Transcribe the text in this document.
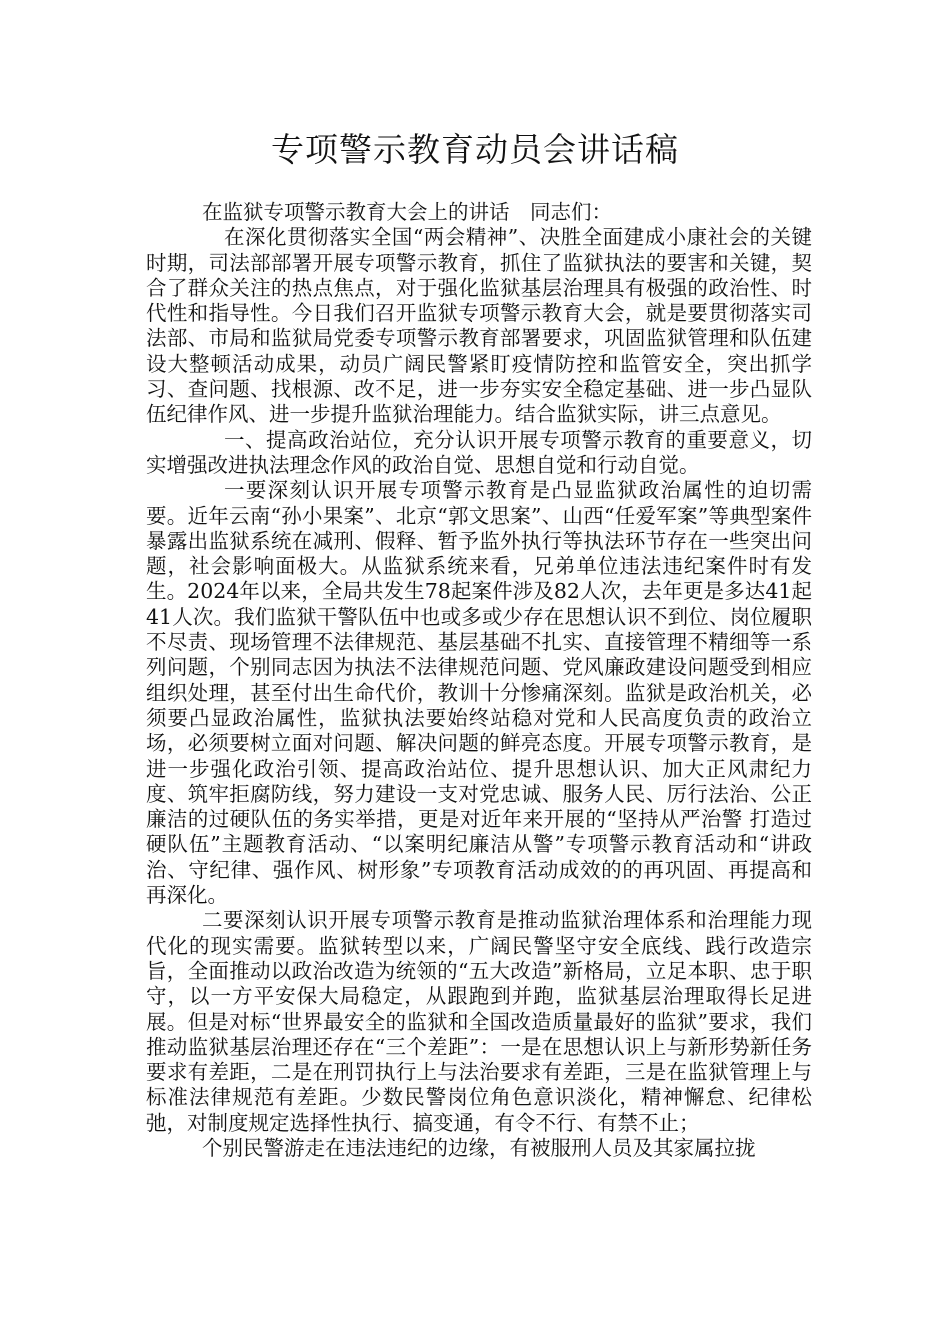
专项警示教育动员会讲话稿

在监狱专项警示教育大会上的讲话　同志们：

在深化贯彻落实全国“两会精神”、决胜全面建成小康社会的关键时期，司法部部署开展专项警示教育，抓住了监狱执法的要害和关键，契合了群众关注的热点焦点，对于强化监狱基层治理具有极强的政治性、时代性和指导性。今日我们召开监狱专项警示教育大会，就是要贯彻落实司法部、市局和监狱局党委专项警示教育部署要求，巩固监狱管理和队伍建设大整顿活动成果，动员广阔民警紧盯疫情防控和监管安全，突出抓学习、查问题、找根源、改不足，进一步夯实安全稳定基础、进一步凸显队伍纪律作风、进一步提升监狱治理能力。结合监狱实际，讲三点意见。

一、提高政治站位，充分认识开展专项警示教育的重要意义，切实增强改进执法理念作风的政治自觉、思想自觉和行动自觉。

一要深刻认识开展专项警示教育是凸显监狱政治属性的迫切需要。近年云南“孙小果案”、北京“郭文思案”、山西“任爱军案”等典型案件暴露出监狱系统在减刑、假释、暂予监外执行等执法环节存在一些突出问题，社会影响面极大。从监狱系统来看，兄弟单位违法违纪案件时有发生。2024年以来，全局共发生78起案件涉及82人次，去年更是多达41起41人次。我们监狱干警队伍中也或多或少存在思想认识不到位、岗位履职不尽责、现场管理不法律规范、基层基础不扎实、直接管理不精细等一系列问题，个别同志因为执法不法律规范问题、党风廉政建设问题受到相应组织处理，甚至付出生命代价，教训十分惨痛深刻。监狱是政治机关，必须要凸显政治属性，监狱执法要始终站稳对党和人民高度负责的政治立场，必须要树立面对问题、解决问题的鲜亮态度。开展专项警示教育，是进一步强化政治引领、提高政治站位、提升思想认识、加大正风肃纪力度、筑牢拒腐防线，努力建设一支对党忠诚、服务人民、厉行法治、公正廉洁的过硬队伍的务实举措，更是对近年来开展的“坚持从严治警 打造过硬队伍”主题教育活动、“以案明纪廉洁从警”专项警示教育活动和“讲政治、守纪律、强作风、树形象”专项教育活动成效的的再巩固、再提高和再深化。

二要深刻认识开展专项警示教育是推动监狱治理体系和治理能力现代化的现实需要。监狱转型以来，广阔民警坚守安全底线、践行改造宗旨，全面推动以政治改造为统领的“五大改造”新格局，立足本职、忠于职守，以一方平安保大局稳定，从跟跑到并跑，监狱基层治理取得长足进展。但是对标“世界最安全的监狱和全国改造质量最好的监狱”要求，我们推动监狱基层治理还存在“三个差距”：一是在思想认识上与新形势新任务要求有差距，二是在刑罚执行上与法治要求有差距，三是在监狱管理上与标准法律规范有差距。少数民警岗位角色意识淡化，精神懈怠、纪律松弛，对制度规定选择性执行、搞变通，有令不行、有禁不止；

个别民警游走在违法违纪的边缘，有被服刑人员及其家属拉拢
